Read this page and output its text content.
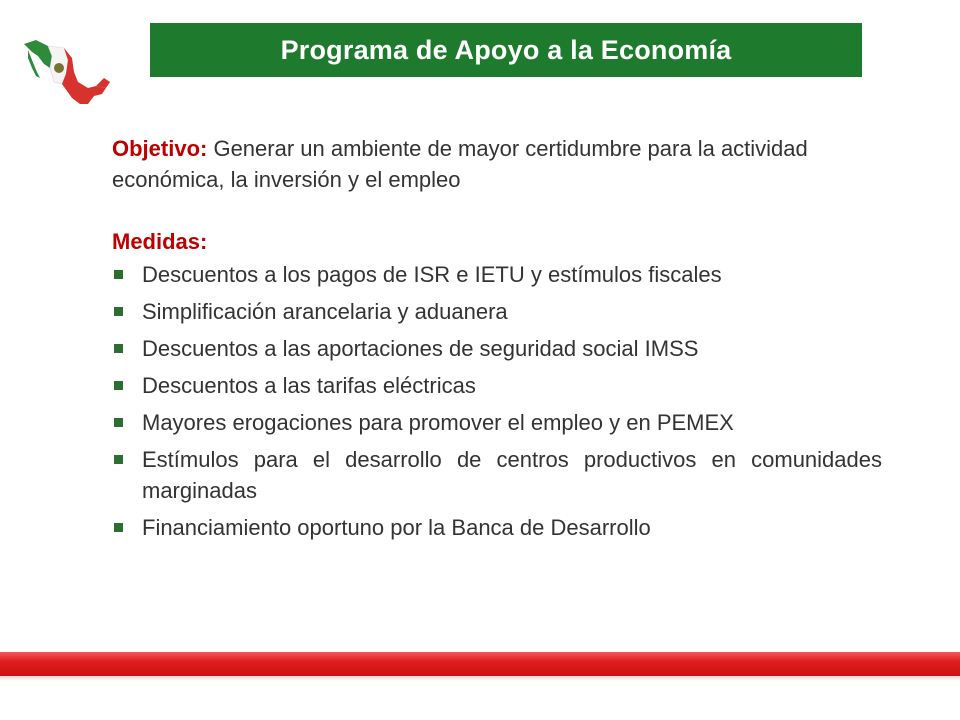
Programa de Apoyo a la Economía

Objetivo: Generar un ambiente de mayor certidumbre para la actividad económica, la inversión y el empleo

Medidas:

Descuentos a los pagos de ISR e IETU y estímulos fiscales
Simplificación arancelaria y aduanera
Descuentos a las aportaciones de seguridad social IMSS
Descuentos a las tarifas eléctricas
Mayores erogaciones para promover el empleo y en PEMEX
Estímulos para el desarrollo de centros productivos en comunidades marginadas
Financiamiento oportuno por la Banca de Desarrollo
